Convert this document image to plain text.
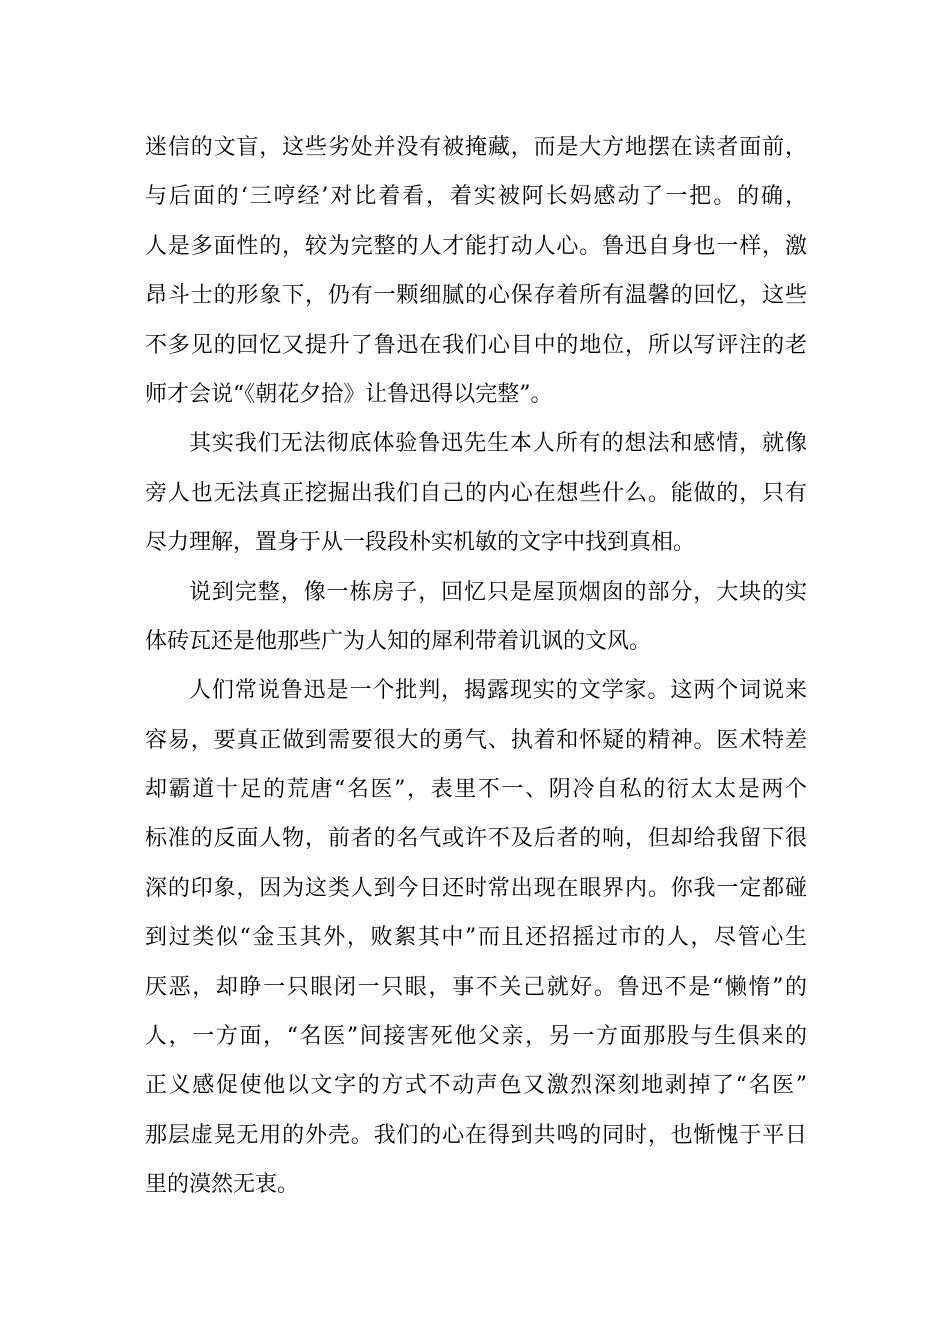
迷信的文盲，这些劣处并没有被掩藏，而是大方地摆在读者面前，
与后面的‘三哼经’对比着看，着实被阿长妈感动了一把。的确，
人是多面性的，较为完整的人才能打动人心。鲁迅自身也一样，激
昂斗士的形象下，仍有一颗细腻的心保存着所有温馨的回忆，这些
不多见的回忆又提升了鲁迅在我们心目中的地位，所以写评注的老
师才会说“《朝花夕拾》让鲁迅得以完整”。
其实我们无法彻底体验鲁迅先生本人所有的想法和感情，就像
旁人也无法真正挖掘出我们自己的内心在想些什么。能做的，只有
尽力理解，置身于从一段段朴实机敏的文字中找到真相。
说到完整，像一栋房子，回忆只是屋顶烟囱的部分，大块的实
体砖瓦还是他那些广为人知的犀利带着讥讽的文风。
人们常说鲁迅是一个批判，揭露现实的文学家。这两个词说来
容易，要真正做到需要很大的勇气、执着和怀疑的精神。医术特差
却霸道十足的荒唐“名医”，表里不一、阴冷自私的衍太太是两个
标准的反面人物，前者的名气或许不及后者的响，但却给我留下很
深的印象，因为这类人到今日还时常出现在眼界内。你我一定都碰
到过类似“金玉其外，败絮其中”而且还招摇过市的人，尽管心生
厌恶，却睁一只眼闭一只眼，事不关己就好。鲁迅不是“懒惰”的
人，一方面，“名医”间接害死他父亲，另一方面那股与生俱来的
正义感促使他以文字的方式不动声色又激烈深刻地剥掉了“名医”
那层虚晃无用的外壳。我们的心在得到共鸣的同时，也惭愧于平日
里的漠然无衷。
